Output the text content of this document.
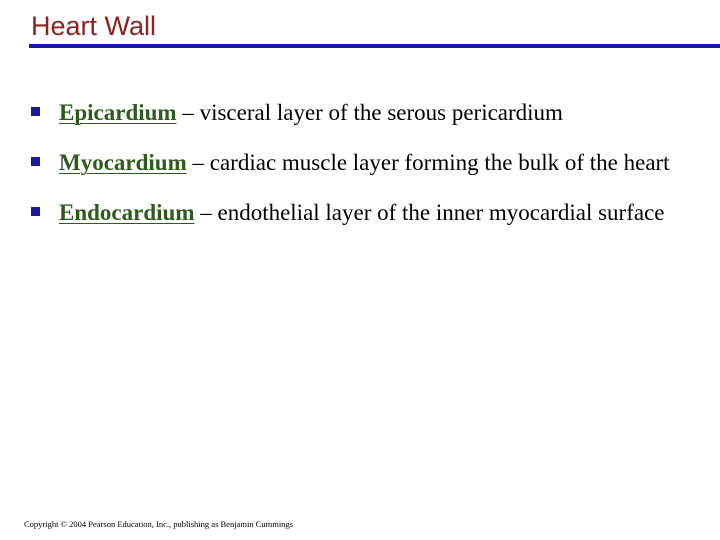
Heart Wall
Epicardium – visceral layer of the serous pericardium
Myocardium – cardiac muscle layer forming the bulk of the heart
Endocardium – endothelial layer of the inner myocardial surface
Copyright © 2004 Pearson Education, Inc., publishing as Benjamin Cummings
